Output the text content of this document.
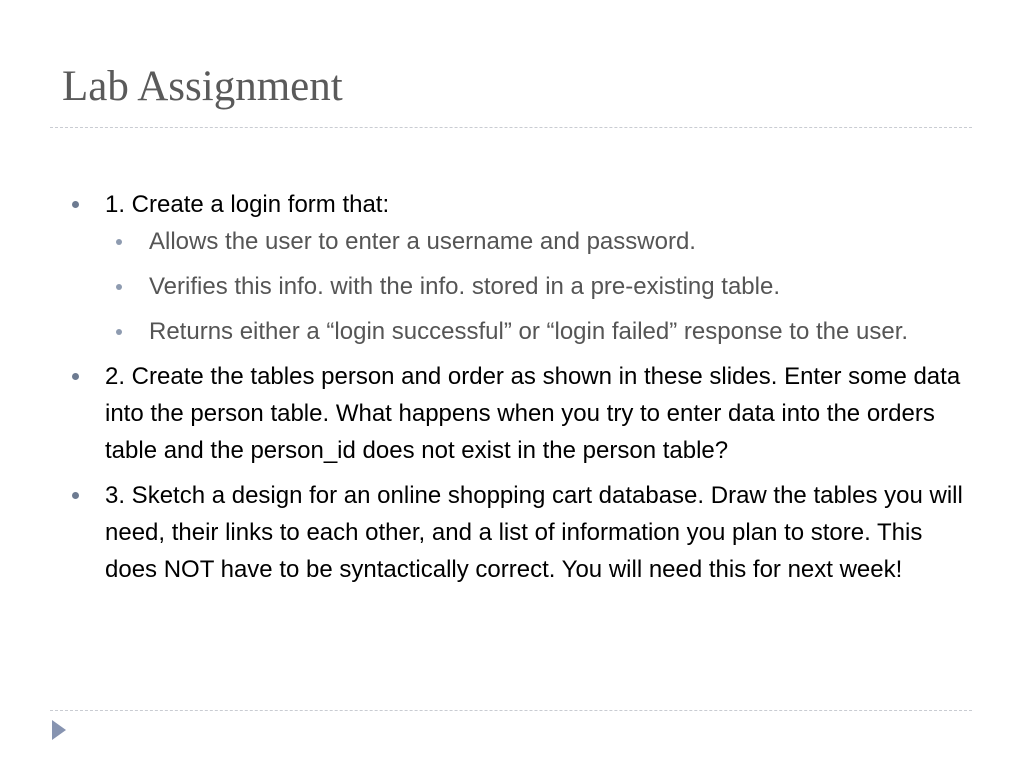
Lab Assignment
1. Create a login form that:
Allows the user to enter a username and password.
Verifies this info. with the info. stored in a pre-existing table.
Returns either a “login successful” or “login failed” response to the user.
2. Create the tables person and order as shown in these slides. Enter some data into the person table. What happens when you try to enter data into the orders table and the person_id does not exist in the person table?
3. Sketch a design for an online shopping cart database. Draw the tables you will need, their links to each other, and a list of information you plan to store. This does NOT have to be syntactically correct. You will need this for next week!
